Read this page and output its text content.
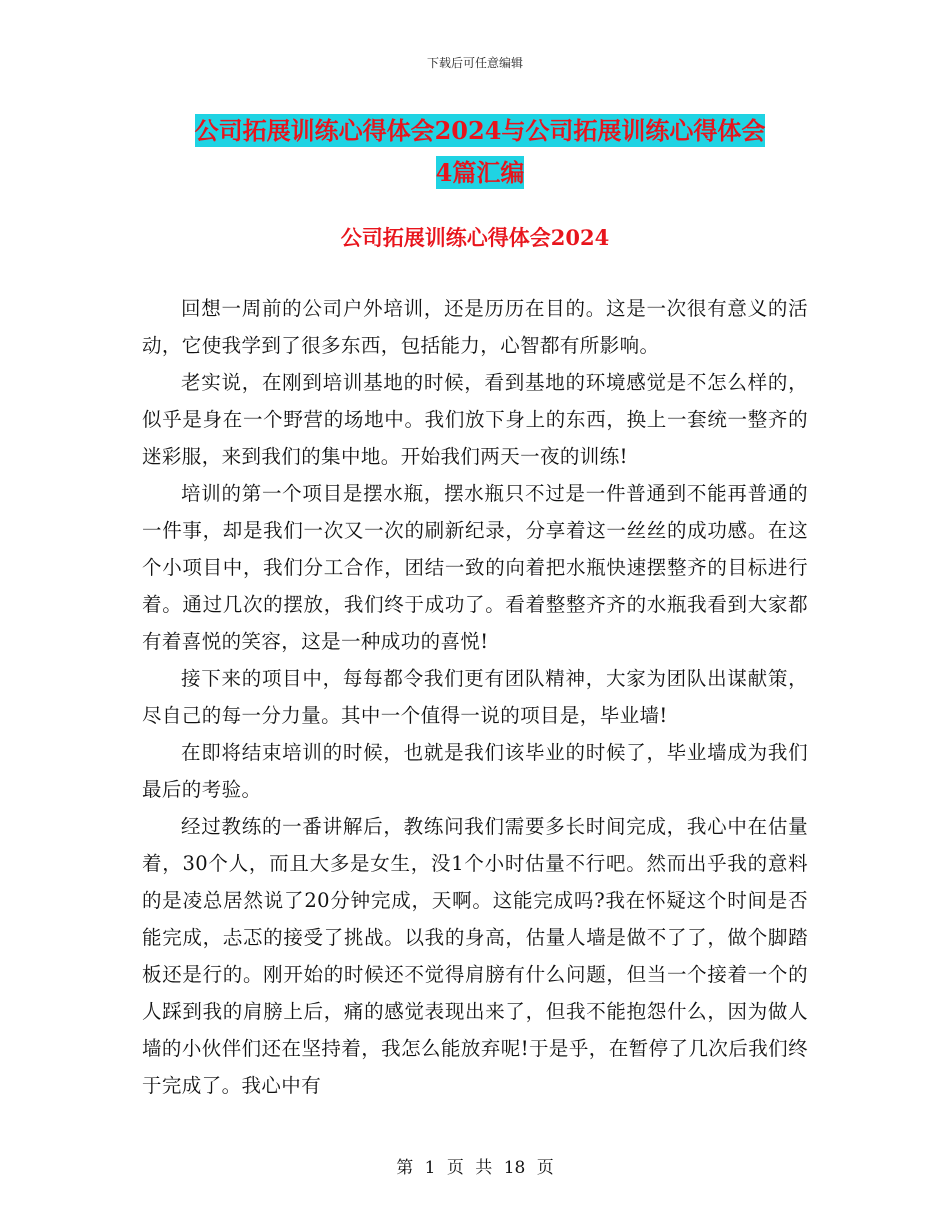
下载后可任意编辑
公司拓展训练心得体会2024与公司拓展训练心得体会
4篇汇编
公司拓展训练心得体会2024

回想一周前的公司户外培训，还是历历在目的。这是一次很有意义的活动，它使我学到了很多东西，包括能力，心智都有所影响。

老实说，在刚到培训基地的时候，看到基地的环境感觉是不怎么样的，似乎是身在一个野营的场地中。我们放下身上的东西，换上一套统一整齐的迷彩服，来到我们的集中地。开始我们两天一夜的训练!

培训的第一个项目是摆水瓶，摆水瓶只不过是一件普通到不能再普通的一件事，却是我们一次又一次的刷新纪录，分享着这一丝丝的成功感。在这个小项目中，我们分工合作，团结一致的向着把水瓶快速摆整齐的目标进行着。通过几次的摆放，我们终于成功了。看着整整齐齐的水瓶我看到大家都有着喜悦的笑容，这是一种成功的喜悦!

接下来的项目中，每每都令我们更有团队精神，大家为团队出谋献策，尽自己的每一分力量。其中一个值得一说的项目是，毕业墙!

在即将结束培训的时候，也就是我们该毕业的时候了，毕业墙成为我们最后的考验。

经过教练的一番讲解后，教练问我们需要多长时间完成，我心中在估量着，30个人，而且大多是女生，没1个小时估量不行吧。然而出乎我的意料的是凌总居然说了20分钟完成，天啊。这能完成吗?我在怀疑这个时间是否能完成，忐忑的接受了挑战。以我的身高，估量人墙是做不了了，做个脚踏板还是行的。刚开始的时候还不觉得肩膀有什么问题，但当一个接着一个的人踩到我的肩膀上后，痛的感觉表现出来了，但我不能抱怨什么，因为做人墙的小伙伴们还在坚持着，我怎么能放弃呢!于是乎，在暂停了几次后我们终于完成了。我心中有

第 1 页 共 18 页
